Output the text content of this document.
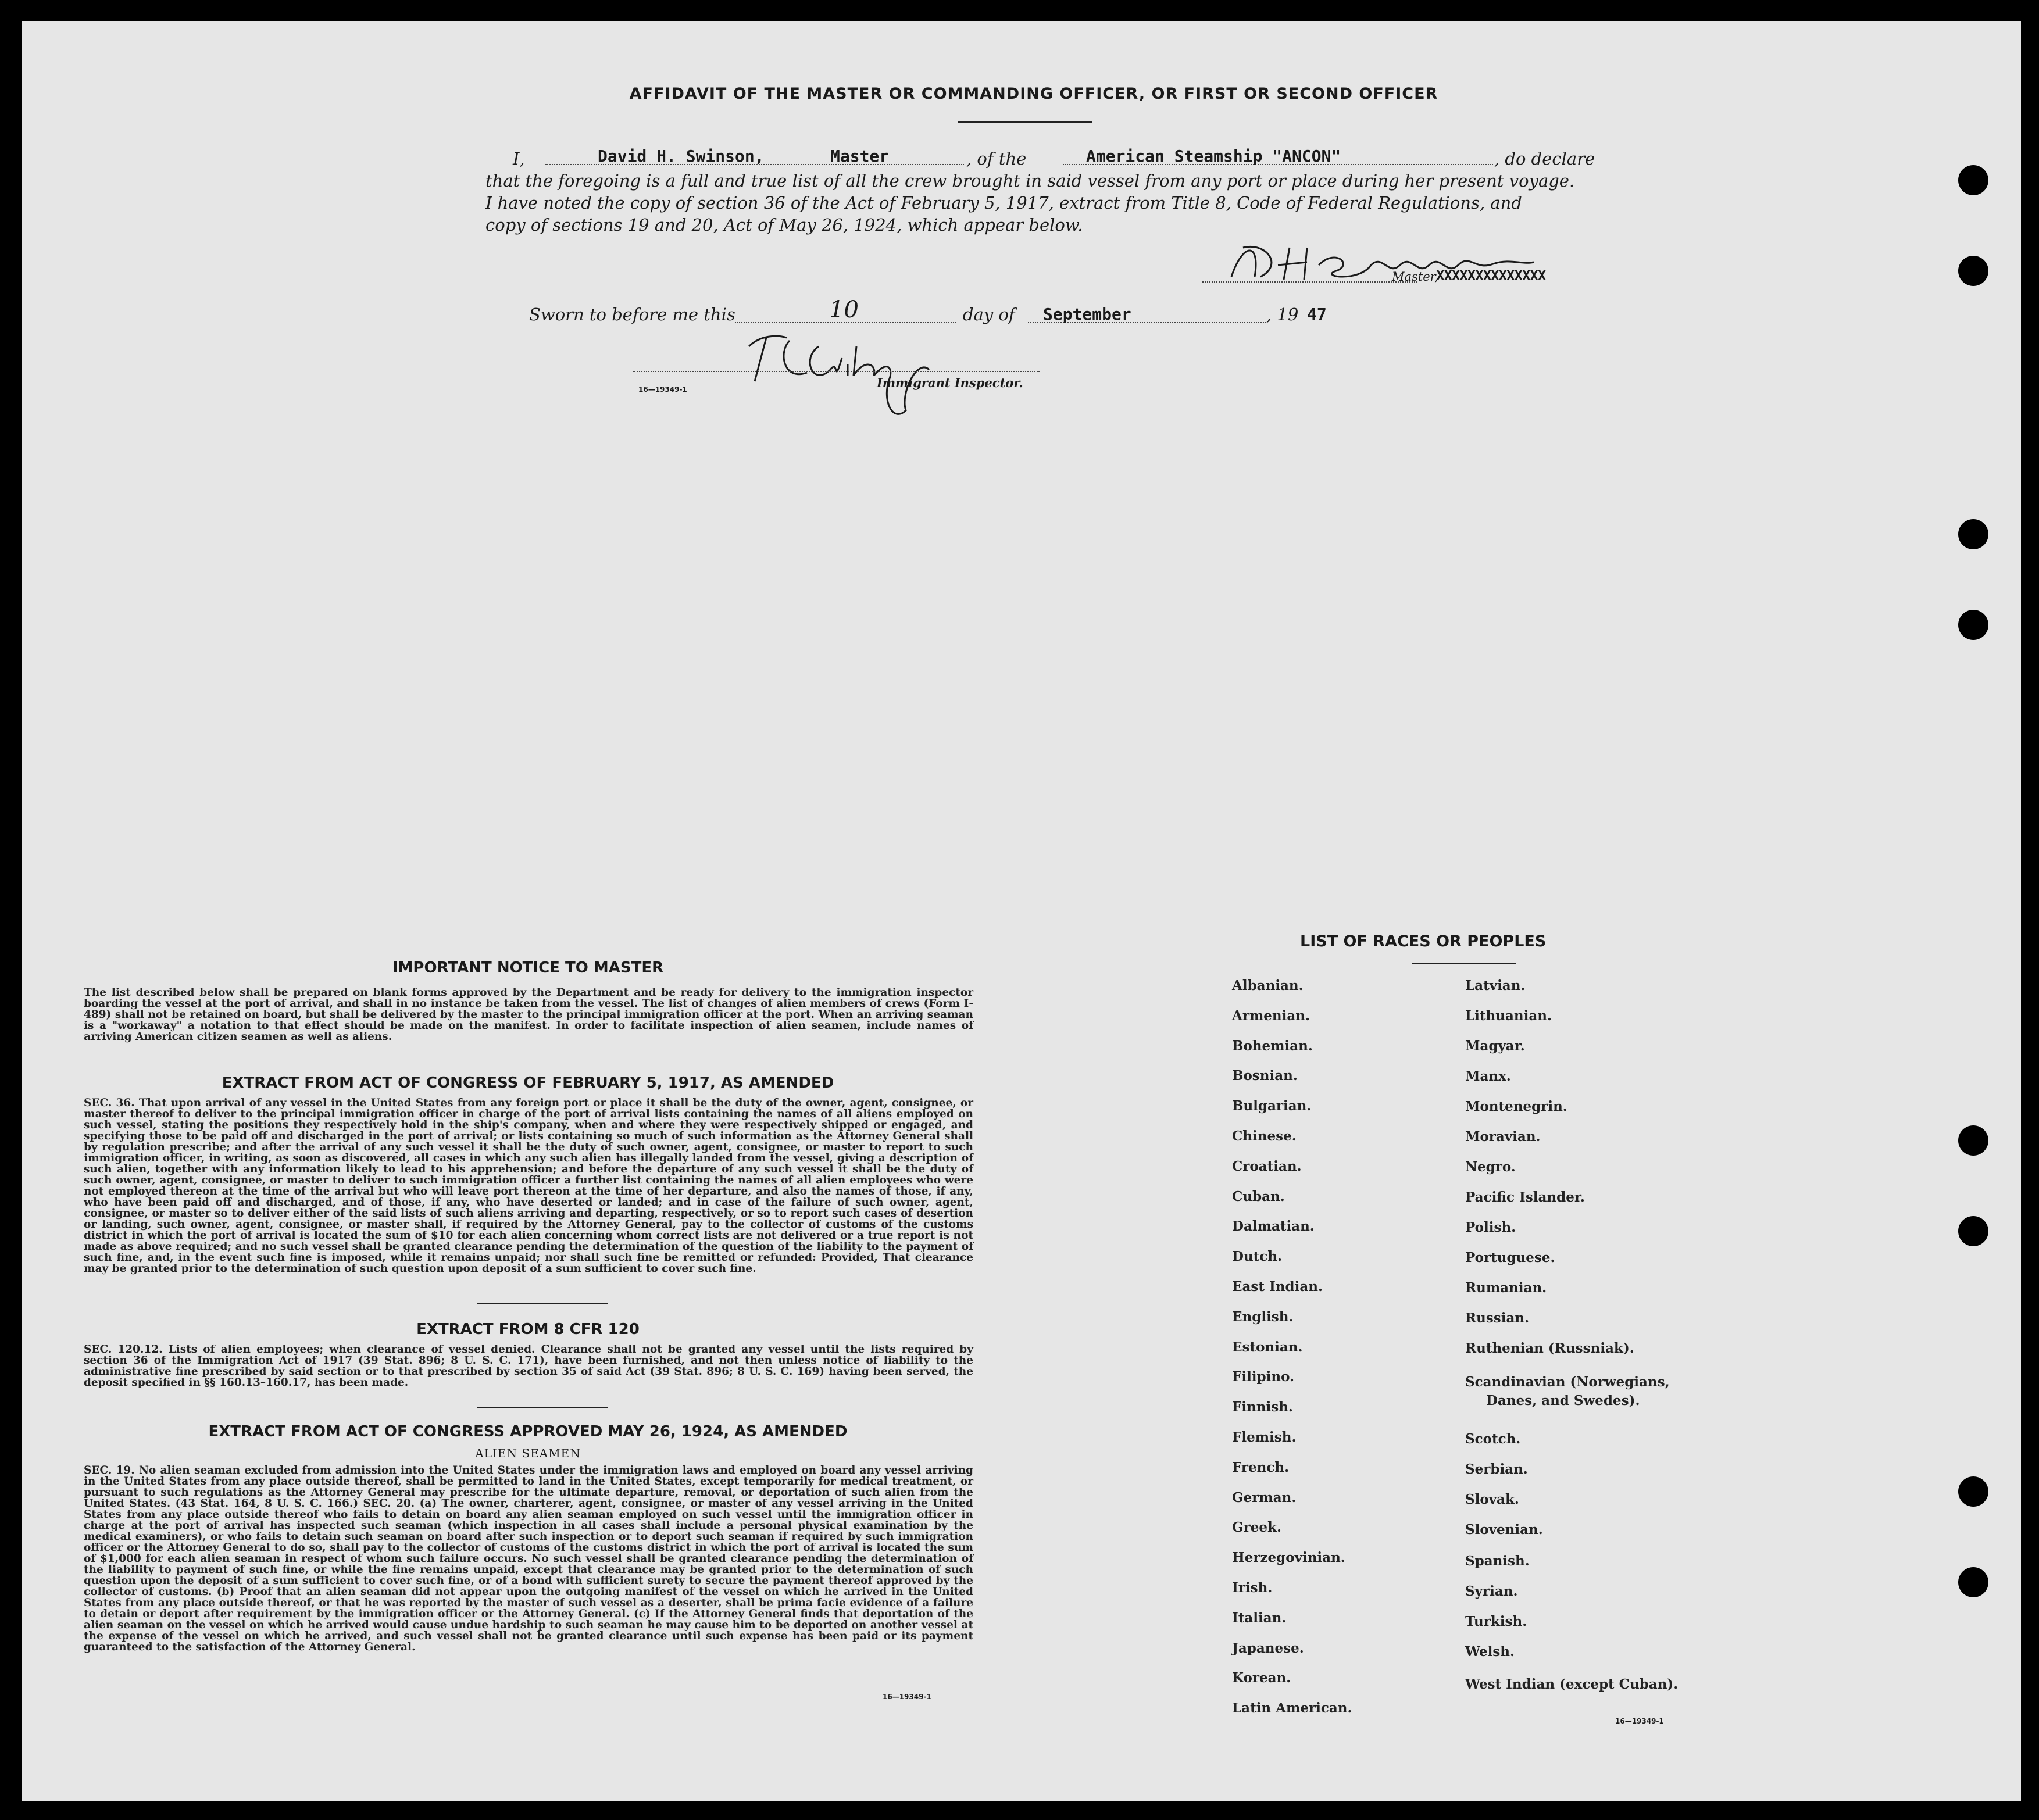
AFFIDAVIT OF THE MASTER OR COMMANDING OFFICER, OR FIRST OR SECOND OFFICER
I,	David H. Swinson,	Master	, of the	American Steamship "ANCON"	, do declare
that the foregoing is a full and true list of all the crew brought in said vessel from any port or place during her present voyage.
I have noted the copy of section 36 of the Act of February 5, 1917, extract from Title 8, Code of Federal Regulations, and
copy of sections 19 and 20, Act of May 26, 1924, which appear below.
Master,
XXXXXXXXXXXXXX
Sworn to before me this	10	day of September	, 19 47
16—19349-1	Immigrant Inspector.
IMPORTANT NOTICE TO MASTER
The list described below shall be prepared on blank forms approved by the Department and be ready for delivery to the immigration inspector boarding the vessel at the port of arrival, and shall in no instance be taken from the vessel. The list of changes of alien members of crews (Form I-489) shall not be retained on board, but shall be delivered by the master to the principal immigration officer at the port. When an arriving seaman is a "workaway" a notation to that effect should be made on the manifest. In order to facilitate inspection of alien seamen, include names of arriving American citizen seamen as well as aliens.
EXTRACT FROM ACT OF CONGRESS OF FEBRUARY 5, 1917, AS AMENDED
SEC. 36. That upon arrival of any vessel in the United States from any foreign port or place it shall be the duty of the owner, agent, consignee, or master thereof to deliver to the principal immigration officer in charge of the port of arrival lists containing the names of all aliens employed on such vessel, stating the positions they respectively hold in the ship's company, when and where they were respectively shipped or engaged, and specifying those to be paid off and discharged in the port of arrival; or lists containing so much of such information as the Attorney General shall by regulation prescribe; and after the arrival of any such vessel it shall be the duty of such owner, agent, consignee, or master to report to such immigration officer, in writing, as soon as discovered, all cases in which any such alien has illegally landed from the vessel, giving a description of such alien, together with any information likely to lead to his apprehension; and before the departure of any such vessel it shall be the duty of such owner, agent, consignee, or master to deliver to such immigration officer a further list containing the names of all alien employees who were not employed thereon at the time of the arrival but who will leave port thereon at the time of her departure, and also the names of those, if any, who have been paid off and discharged, and of those, if any, who have deserted or landed; and in case of the failure of such owner, agent, consignee, or master so to deliver either of the said lists of such aliens arriving and departing, respectively, or so to report such cases of desertion or landing, such owner, agent, consignee, or master shall, if required by the Attorney General, pay to the collector of customs of the customs district in which the port of arrival is located the sum of $10 for each alien concerning whom correct lists are not delivered or a true report is not made as above required; and no such vessel shall be granted clearance pending the determination of the question of the liability to the payment of such fine, and, in the event such fine is imposed, while it remains unpaid; nor shall such fine be remitted or refunded: Provided, That clearance may be granted prior to the determination of such question upon deposit of a sum sufficient to cover such fine.
EXTRACT FROM 8 CFR 120
SEC. 120.12. Lists of alien employees; when clearance of vessel denied. Clearance shall not be granted any vessel until the lists required by section 36 of the Immigration Act of 1917 (39 Stat. 896; 8 U. S. C. 171), have been furnished, and not then unless notice of liability to the administrative fine prescribed by said section or to that prescribed by section 35 of said Act (39 Stat. 896; 8 U. S. C. 169) having been served, the deposit specified in §§ 160.13–160.17, has been made.
EXTRACT FROM ACT OF CONGRESS APPROVED MAY 26, 1924, AS AMENDED
ALIEN SEAMEN
SEC. 19. No alien seaman excluded from admission into the United States under the immigration laws and employed on board any vessel arriving in the United States from any place outside thereof, shall be permitted to land in the United States, except temporarily for medical treatment, or pursuant to such regulations as the Attorney General may prescribe for the ultimate departure, removal, or deportation of such alien from the United States. (43 Stat. 164, 8 U. S. C. 166.) SEC. 20. (a) The owner, charterer, agent, consignee, or master of any vessel arriving in the United States from any place outside thereof who fails to detain on board any alien seaman employed on such vessel until the immigration officer in charge at the port of arrival has inspected such seaman (which inspection in all cases shall include a personal physical examination by the medical examiners), or who fails to detain such seaman on board after such inspection or to deport such seaman if required by such immigration officer or the Attorney General to do so, shall pay to the collector of customs of the customs district in which the port of arrival is located the sum of $1,000 for each alien seaman in respect of whom such failure occurs. No such vessel shall be granted clearance pending the determination of the liability to payment of such fine, or while the fine remains unpaid, except that clearance may be granted prior to the determination of such question upon the deposit of a sum sufficient to cover such fine, or of a bond with sufficient surety to secure the payment thereof approved by the collector of customs. (b) Proof that an alien seaman did not appear upon the outgoing manifest of the vessel on which he arrived in the United States from any place outside thereof, or that he was reported by the master of such vessel as a deserter, shall be prima facie evidence of a failure to detain or deport after requirement by the immigration officer or the Attorney General. (c) If the Attorney General finds that deportation of the alien seaman on the vessel on which he arrived would cause undue hardship to such seaman he may cause him to be deported on another vessel at the expense of the vessel on which he arrived, and such vessel shall not be granted clearance until such expense has been paid or its payment guaranteed to the satisfaction of the Attorney General.
16—19349-1
LIST OF RACES OR PEOPLES
Albanian.
Armenian.
Bohemian.
Bosnian.
Bulgarian.
Chinese.
Croatian.
Cuban.
Dalmatian.
Dutch.
East Indian.
English.
Estonian.
Filipino.
Finnish.
Flemish.
French.
German.
Greek.
Herzegovinian.
Irish.
Italian.
Japanese.
Korean.
Latin American.
Latvian.
Lithuanian.
Magyar.
Manx.
Montenegrin.
Moravian.
Negro.
Pacific Islander.
Polish.
Portuguese.
Rumanian.
Russian.
Ruthenian (Russniak).
Scandinavian (Norwegians,
Danes, and Swedes).
Scotch.
Serbian.
Slovak.
Slovenian.
Spanish.
Syrian.
Turkish.
Welsh.
West Indian (except Cuban).
16—19349-1
